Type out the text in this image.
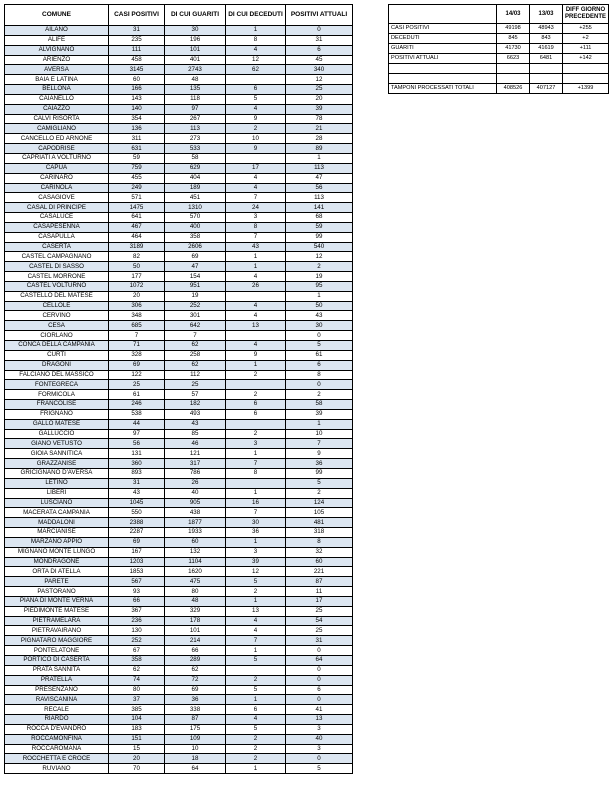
COMUNE	CASI POSITIVI	DI CUI GUARITI	DI CUI DECEDUTI	POSITIVI ATTUALI
AILANO	31	30	1	0
ALIFE	235	196	8	31
ALVIGNANO	111	101	4	6
ARIENZO	458	401	12	45
AVERSA	3145	2743	62	340
BAIA E LATINA	60	48		12
BELLONA	166	135	6	25
CAIANELLO	143	118	5	20
CAIAZZO	140	97	4	39
CALVI RISORTA	354	267	9	78
CAMIGLIANO	136	113	2	21
CANCELLO ED ARNONE	311	273	10	28
CAPODRISE	631	533	9	89
CAPRIATI A VOLTURNO	59	58		1
CAPUA	759	629	17	113
CARINARO	455	404	4	47
CARINOLA	249	189	4	56
CASAGIOVE	571	451	7	113
CASAL DI PRINCIPE	1475	1310	24	141
CASALUCE	641	570	3	68
CASAPESENNA	467	400	8	59
CASAPULLA	464	358	7	99
CASERTA	3189	2606	43	540
CASTEL CAMPAGNANO	82	69	1	12
CASTEL DI SASSO	50	47	1	2
CASTEL MORRONE	177	154	4	19
CASTEL VOLTURNO	1072	951	26	95
CASTELLO DEL MATESE	20	19		1
CELLOLE	306	252	4	50
CERVINO	348	301	4	43
CESA	685	642	13	30
CIORLANO	7	7		0
CONCA DELLA CAMPANIA	71	62	4	5
CURTI	328	258	9	61
DRAGONI	69	62	1	6
FALCIANO DEL MASSICO	122	112	2	8
FONTEGRECA	25	25		0
FORMICOLA	61	57	2	2
FRANCOLISE	246	182	6	58
FRIGNANO	538	493	6	39
GALLO MATESE	44	43		1
GALLUCCIO	97	85	2	10
GIANO VETUSTO	56	46	3	7
GIOIA SANNITICA	131	121	1	9
GRAZZANISE	360	317	7	36
GRICIGNANO D'AVERSA	893	786	8	99
LETINO	31	26		5
LIBERI	43	40	1	2
LUSCIANO	1045	905	16	124
MACERATA CAMPANIA	550	438	7	105
MADDALONI	2388	1877	30	481
MARCIANISE	2287	1933	36	318
MARZANO APPIO	69	60	1	8
MIGNANO MONTE LUNGO	167	132	3	32
MONDRAGONE	1203	1104	39	60
ORTA DI ATELLA	1853	1620	12	221
PARETE	567	475	5	87
PASTORANO	93	80	2	11
PIANA DI MONTE VERNA	66	48	1	17
PIEDIMONTE MATESE	367	329	13	25
PIETRAMELARA	236	178	4	54
PIETRAVAIRANO	130	101	4	25
PIGNATARO MAGGIORE	252	214	7	31
PONTELATONE	67	66	1	0
PORTICO DI CASERTA	358	289	5	64
PRATA SANNITA	62	62		0
PRATELLA	74	72	2	0
PRESENZANO	80	69	5	6
RAVISCANINA	37	36	1	0
RECALE	385	338	6	41
RIARDO	104	87	4	13
ROCCA D'EVANDRO	183	175	5	3
ROCCAMONFINA	151	109	2	40
ROCCAROMANA	15	10	2	3
ROCCHETTA E CROCE	20	18	2	0
RUVIANO	70	64	1	5
	14/03	13/03	DIFF GIORNO PRECEDENTE
CASI POSITIVI	49198	48943	+255
DECEDUTI	845	843	+2
GUARITI	41730	41619	+111
POSITIVI ATTUALI	6623	6481	+142

TAMPONI PROCESSATI TOTALI	408526	407127	+1399
